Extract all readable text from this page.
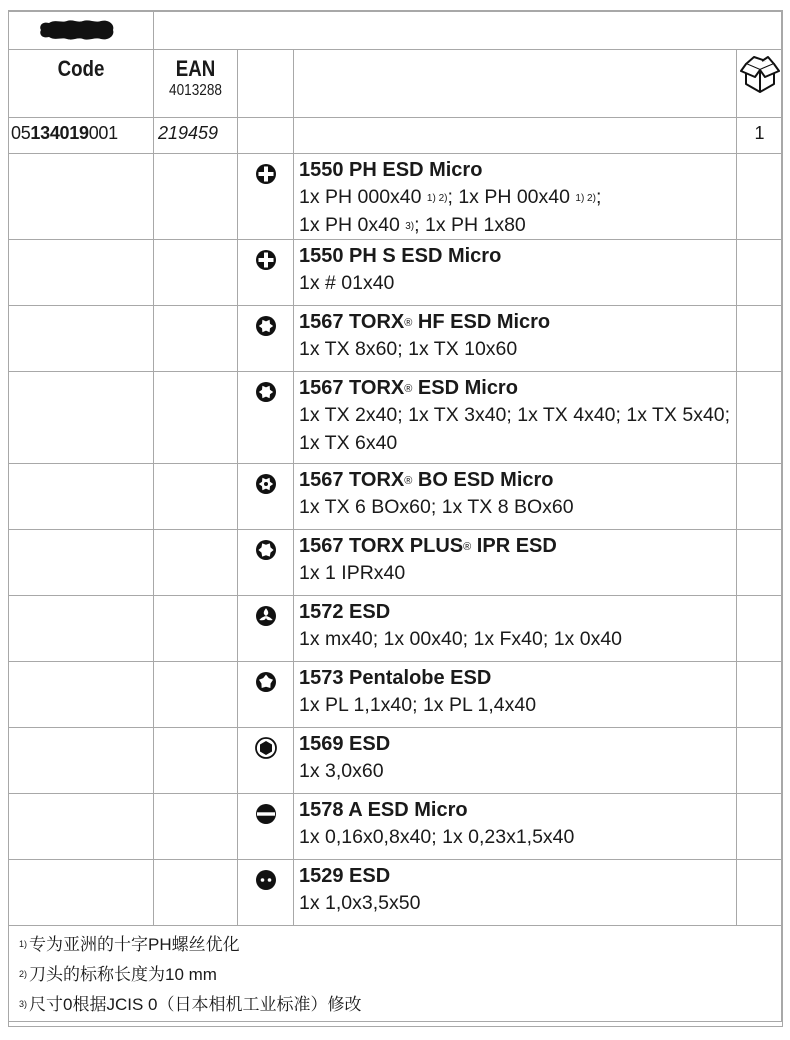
Code	EAN
4013288

05134019001	219459			1

1550 PH ESD Micro
1x PH 000x40 $^{1) 2)}$; 1x PH 00x40 $^{1) 2)}$;
1x PH 0x40 $^{3)}$; 1x PH 1x80	

1550 PH S ESD Micro
1x # 01x40	

1567 TORX® HF ESD Micro
1x TX 8x60; 1x TX 10x60	

1567 TORX® ESD Micro
1x TX 2x40; 1x TX 3x40; 1x TX 4x40; 1x TX 5x40;
1x TX 6x40	

1567 TORX® BO ESD Micro
1x TX 6 BOx60; 1x TX 8 BOx60	

1567 TORX PLUS® IPR ESD
1x 1 IPRx40	

1572 ESD
1x mx40; 1x 00x40; 1x Fx40; 1x 0x40	

1573 Pentalobe ESD
1x PL 1,1x40; 1x PL 1,4x40	

1569 ESD
1x 3,0x60	

1578 A ESD Micro
1x 0,16x0,8x40; 1x 0,23x1,5x40	

1529 ESD
1x 1,0x3,5x50	

$^{1)}$ 专为亚洲的十字PH螺丝优化
$^{2)}$ 刀头的标称长度为10 mm
$^{3)}$ 尺寸0根据JCIS 0（日本相机工业标准）修改				
